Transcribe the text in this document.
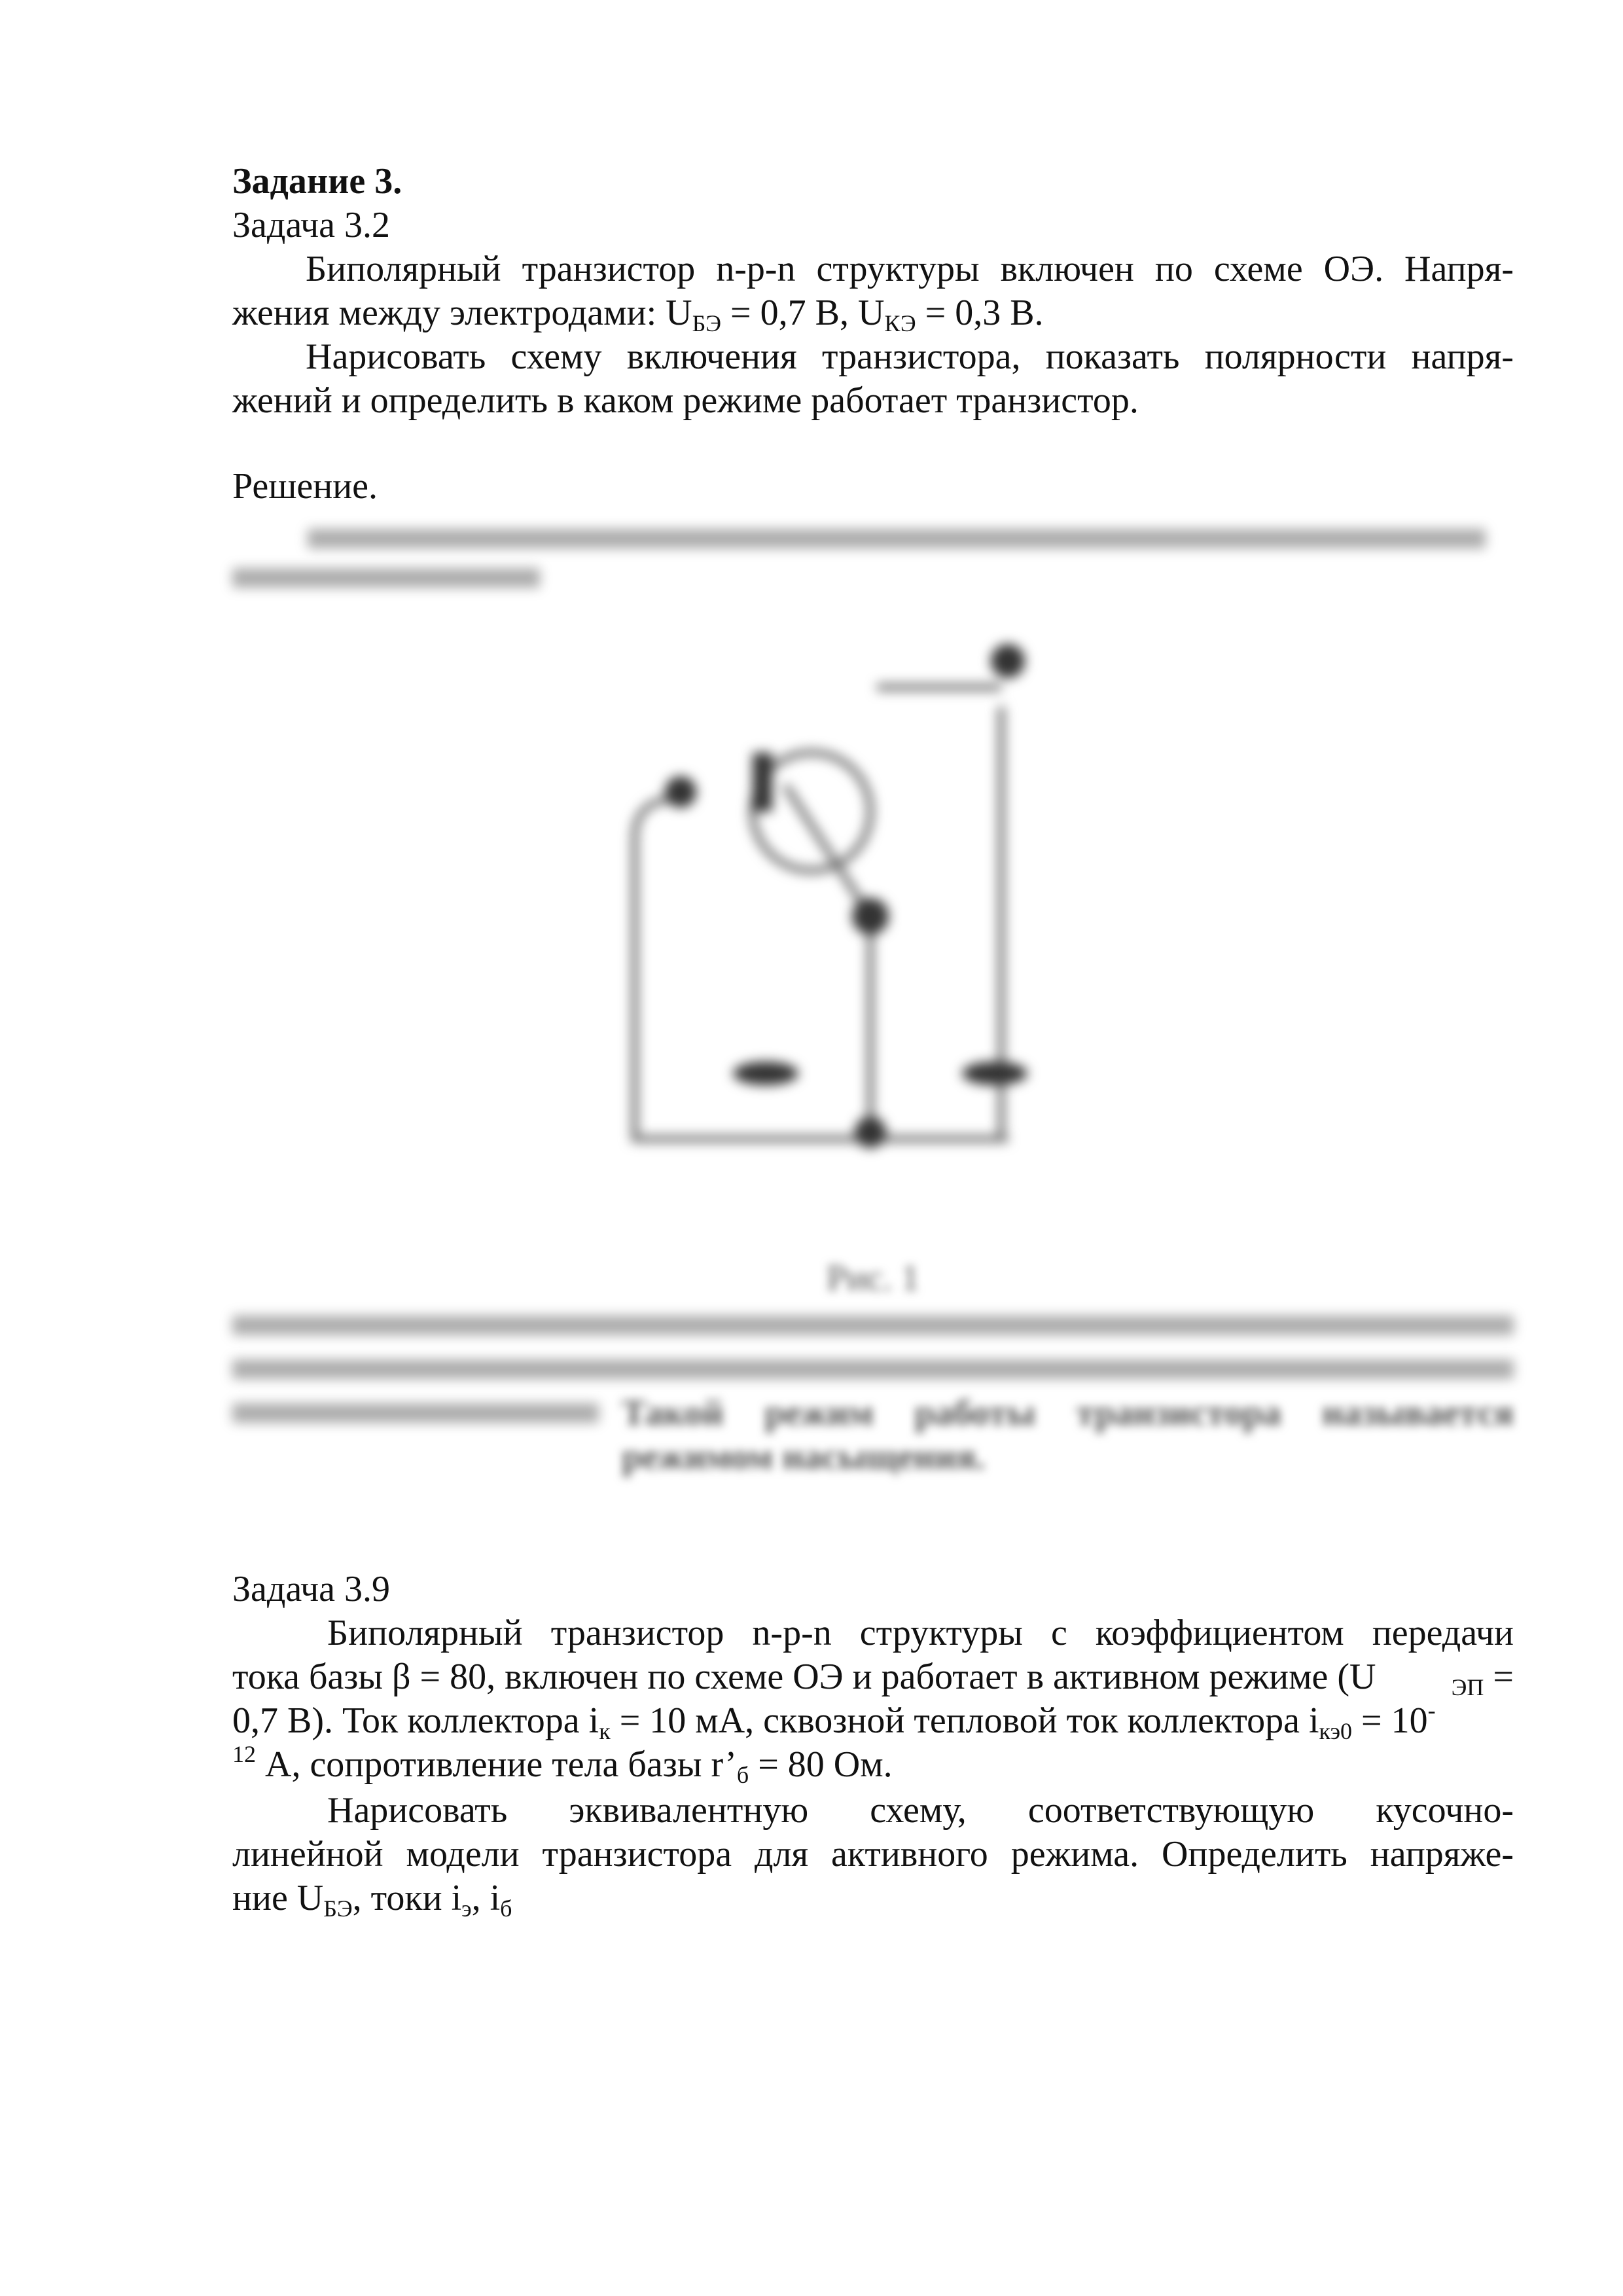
Задание 3.
Задача 3.2
Биполярный транзистор n-p-n структуры включен по схеме ОЭ. Напря-
жения между электродами: $U_{БЭ} = 0,7$ В, $U_{КЭ} = 0,3$ В.
Нарисовать схему включения транзистора, показать полярности напря-
жений и определить в каком режиме работает транзистор.
Решение.
Рис. 1
Такой режим работы транзистора называется режимом насыщения.
Задача 3.9
Биполярный транзистор n-p-n структуры с коэффициентом передачи
тока базы β = 80, включен по схеме ОЭ и работает в активном режиме (U	$_{ЭП}$ =
0,7 В). Ток коллектора $i_к = 10$ мА, сквозной тепловой ток коллектора $i_{кэ0} = 10^-$
$^{12}$ А, сопротивление тела базы $r’_б = 80$ Ом.
Нарисовать эквивалентную схему, соответствующую кусочно-
линейной модели транзистора для активного режима. Определить напряже-
ние $U_{БЭ}$, токи $i_э$, $i_б$
